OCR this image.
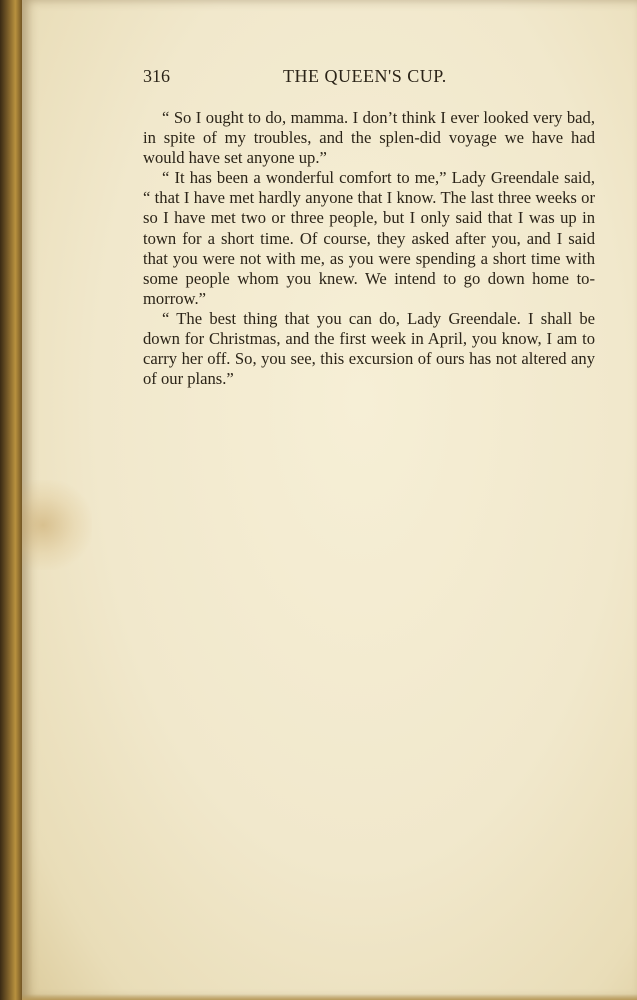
316	THE QUEEN'S CUP.

“ So I ought to do, mamma. I don’t think I ever looked very bad, in spite of my troubles, and the splen-did voyage we have had would have set anyone up.”

“ It has been a wonderful comfort to me,” Lady Greendale said, “ that I have met hardly anyone that I know. The last three weeks or so I have met two or three people, but I only said that I was up in town for a short time. Of course, they asked after you, and I said that you were not with me, as you were spending a short time with some people whom you knew. We intend to go down home to-morrow.”

“ The best thing that you can do, Lady Greendale. I shall be down for Christmas, and the first week in April, you know, I am to carry her off. So, you see, this excursion of ours has not altered any of our plans.”
